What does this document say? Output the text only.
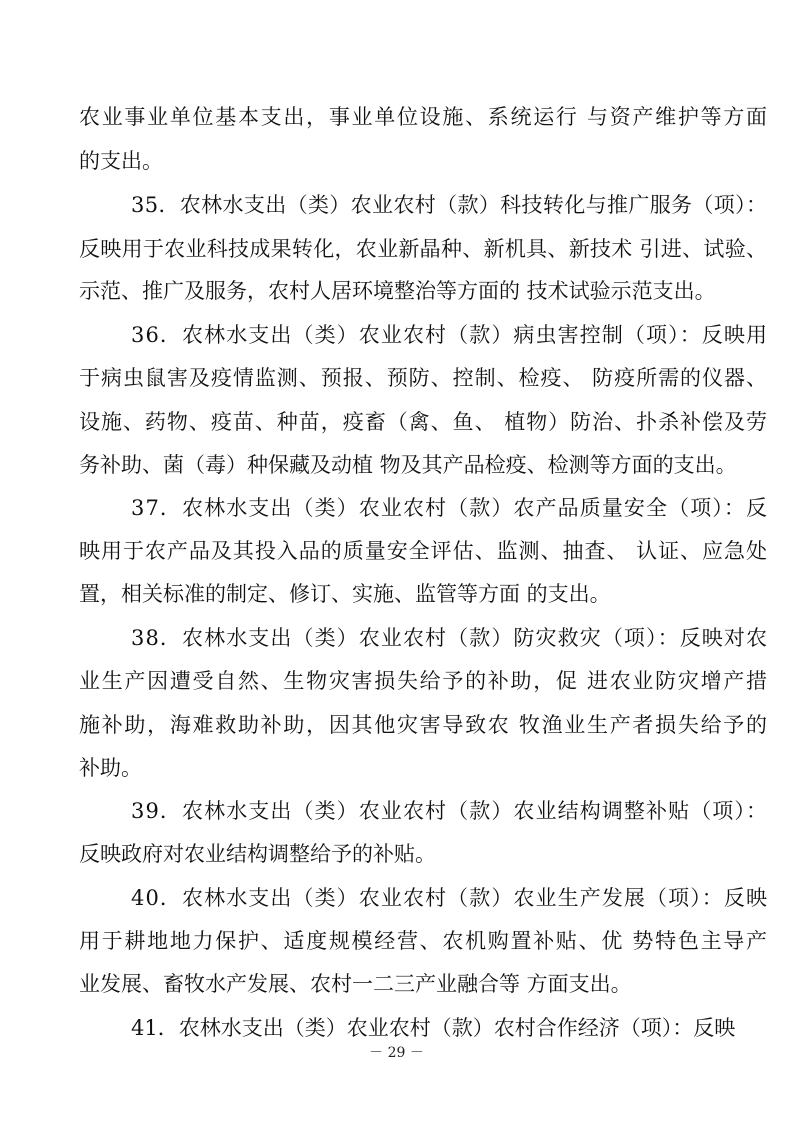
－ 29 －
农业事业单位基本支出，事业单位设施、系统运行 与资产维护等方面
的支出。
35．农林水支出（类）农业农村（款）科技转化与推广服务（项）：
反映用于农业科技成果转化，农业新晶种、新机具、新技术 引进、试验、
示范、推广及服务，农村人居环境整治等方面的 技术试验示范支出。
36．农林水支出（类）农业农村（款）病虫害控制（项）：反映用
于病虫鼠害及疫情监测、预报、预防、控制、检疫、 防疫所需的仪器、
设施、药物、疫苗、种苗，疫畜（禽、鱼、 植物）防治、扑杀补偿及劳
务补助、菌（毒）种保藏及动植 物及其产品检疫、检测等方面的支出。
37．农林水支出（类）农业农村（款）农产品质量安全（项）：反
映用于农产品及其投入品的质量安全评估、监测、抽査、 认证、应急处
置，相关标准的制定、修订、实施、监管等方面 的支出。
38．农林水支出（类）农业农村（款）防灾救灾（项）：反映对农
业生产因遭受自然、生物灾害损失给予的补助，促 进农业防灾增产措
施补助，海难救助补助，因其他灾害导致农 牧渔业生产者损失给予的
补助。
39．农林水支出（类）农业农村（款）农业结构调整补贴（项）：
反映政府对农业结构调整给予的补贴。
40．农林水支出（类）农业农村（款）农业生产发展（项）：反映
用于耕地地力保护、适度规模经营、农机购置补贴、优 势特色主导产
业发展、畜牧水产发展、农村一二三产业融合等 方面支出。
41．农林水支出（类）农业农村（款）农村合作经济（项）：反映
